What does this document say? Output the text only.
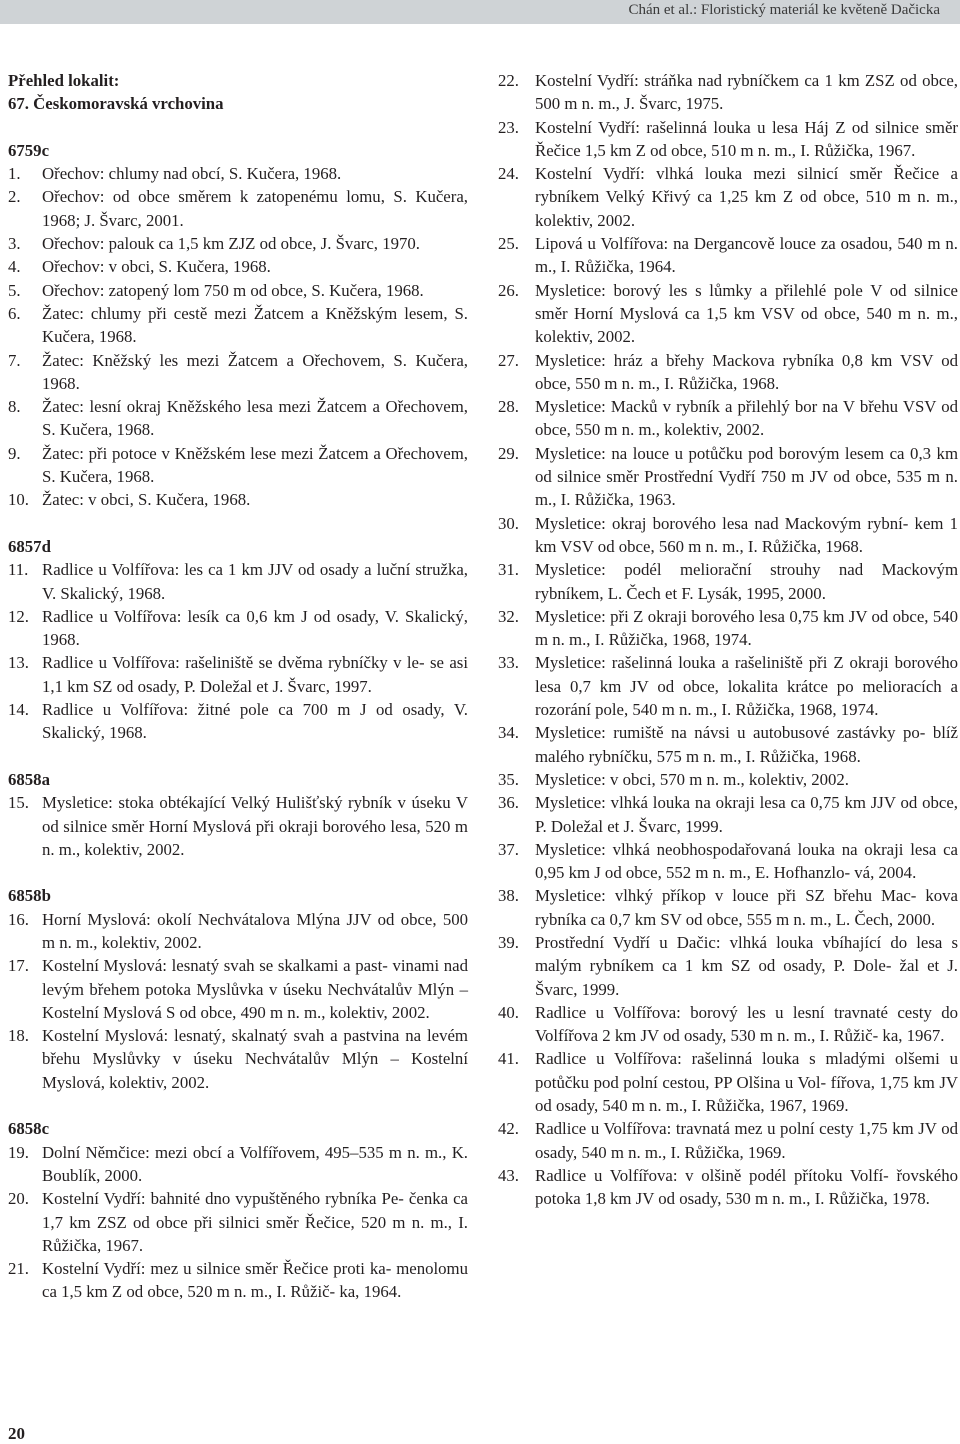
Chán et al.: Floristický materiál ke květeně Dačicka

Přehled lokalit:

67. Českomoravská vrchovina

6759c

1.	Ořechov: chlumy nad obcí, S. Kučera, 1968.
2.	Ořechov: od obce směrem k zatopenému lomu, S. Kučera, 1968; J. Švarc, 2001.
3.	Ořechov: palouk ca 1,5 km ZJZ od obce, J. Švarc, 1970.
4.	Ořechov: v obci, S. Kučera, 1968.
5.	Ořechov: zatopený lom 750 m od obce, S. Kučera, 1968.
6.	Žatec: chlumy při cestě mezi Žatcem a Kněžským lesem, S. Kučera, 1968.
7.	Žatec: Kněžský les mezi Žatcem a Ořechovem, S. Kučera, 1968.
8.	Žatec: lesní okraj Kněžského lesa mezi Žatcem a Ořechovem, S. Kučera, 1968.
9.	Žatec: při potoce v Kněžském lese mezi Žatcem a Ořechovem, S. Kučera, 1968.
10. Žatec: v obci, S. Kučera, 1968.

6857d

11. Radlice u Volfířova: les ca 1 km JJV od osady a luční stružka, V. Skalický, 1968.
12. Radlice u Volfířova: lesík ca 0,6 km J od osady, V. Skalický, 1968.
13. Radlice u Volfířova: rašeliniště se dvěma rybníčky v le- se asi 1,1 km SZ od osady, P. Doležal et J. Švarc, 1997.
14. Radlice u Volfířova: žitné pole ca 700 m J od osady, V. Skalický, 1968.

6858a

15. Mysletice: stoka obtékající Velký Hulišťský rybník v úseku V od silnice směr Horní Myslová při okraji borového lesa, 520 m n. m., kolektiv, 2002.

6858b

16. Horní Myslová: okolí Nechvátalova Mlýna JJV od obce, 500 m n. m., kolektiv, 2002.
17. Kostelní Myslová: lesnatý svah se skalkami a past- vinami nad levým břehem potoka Myslůvka v úseku Nechvátalův Mlýn – Kostelní Myslová S od obce, 490 m n. m., kolektiv, 2002.
18. Kostelní Myslová: lesnatý, skalnatý svah a pastvina na levém břehu Myslůvky v úseku Nechvátalův Mlýn – Kostelní Myslová, kolektiv, 2002.

6858c

19. Dolní Němčice: mezi obcí a Volfířovem, 495–535 m n. m., K. Boublík, 2000.
20. Kostelní Vydří: bahnité dno vypuštěného rybníka Pe- čenka ca 1,7 km ZSZ od obce při silnici směr Řečice, 520 m n. m., I. Růžička, 1967.
21. Kostelní Vydří: mez u silnice směr Řečice proti ka- menolomu ca 1,5 km Z od obce, 520 m n. m., I. Růžič- ka, 1964.
22. Kostelní Vydří: stráňka nad rybníčkem ca 1 km ZSZ od obce, 500 m n. m., J. Švarc, 1975.
23. Kostelní Vydří: rašelinná louka u lesa Háj Z od silnice směr Řečice 1,5 km Z od obce, 510 m n. m., I. Růžička, 1967.
24. Kostelní Vydří: vlhká louka mezi silnicí směr Řečice a rybníkem Velký Křivý ca 1,25 km Z od obce, 510 m n. m., kolektiv, 2002.
25. Lipová u Volfířova: na Dergancově louce za osadou, 540 m n. m., I. Růžička, 1964.
26. Mysletice: borový les s lůmky a přilehlé pole V od silnice směr Horní Myslová ca 1,5 km VSV od obce, 540 m n. m., kolektiv, 2002.
27. Mysletice: hráz a břehy Mackova rybníka 0,8 km VSV od obce, 550 m n. m., I. Růžička, 1968.
28. Mysletice: Macků v rybník a přilehlý bor na V břehu VSV od obce, 550 m n. m., kolektiv, 2002.
29. Mysletice: na louce u potůčku pod borovým lesem ca 0,3 km od silnice směr Prostřední Vydří 750 m JV od obce, 535 m n. m., I. Růžička, 1963.
30. Mysletice: okraj borového lesa nad Mackovým rybní- kem 1 km VSV od obce, 560 m n. m., I. Růžička, 1968.
31. Mysletice: podél meliorační strouhy nad Mackovým rybníkem, L. Čech et F. Lysák, 1995, 2000.
32. Mysletice: při Z okraji borového lesa 0,75 km JV od obce, 540 m n. m., I. Růžička, 1968, 1974.
33. Mysletice: rašelinná louka a rašeliniště při Z okraji borového lesa 0,7 km JV od obce, lokalita krátce po melioracích a rozorání pole, 540 m n. m., I. Růžička, 1968, 1974.
34. Mysletice: rumiště na návsi u autobusové zastávky po- blíž malého rybníčku, 575 m n. m., I. Růžička, 1968.
35. Mysletice: v obci, 570 m n. m., kolektiv, 2002.
36. Mysletice: vlhká louka na okraji lesa ca 0,75 km JJV od obce, P. Doležal et J. Švarc, 1999.
37. Mysletice: vlhká neobhospodařovaná louka na okraji lesa ca 0,95 km J od obce, 552 m n. m., E. Hofhanzlo- vá, 2004.
38. Mysletice: vlhký příkop v louce při SZ břehu Mac- kova rybníka ca 0,7 km SV od obce, 555 m n. m., L. Čech, 2000.
39. Prostřední Vydří u Dačic: vlhká louka vbíhající do lesa s malým rybníkem ca 1 km SZ od osady, P. Dole- žal et J. Švarc, 1999.
40. Radlice u Volfířova: borový les u lesní travnaté cesty do Volfířova 2 km JV od osady, 530 m n. m., I. Růžič- ka, 1967.
41. Radlice u Volfířova: rašelinná louka s mladými olšemi u potůčku pod polní cestou, PP Olšina u Vol- fířova, 1,75 km JV od osady, 540 m n. m., I. Růžička, 1967, 1969.
42. Radlice u Volfířova: travnatá mez u polní cesty 1,75 km JV od osady, 540 m n. m., I. Růžička, 1969.
43. Radlice u Volfířova: v olšině podél přítoku Volfí- řovského potoka 1,8 km JV od osady, 530 m n. m., I. Růžička, 1978.
20
